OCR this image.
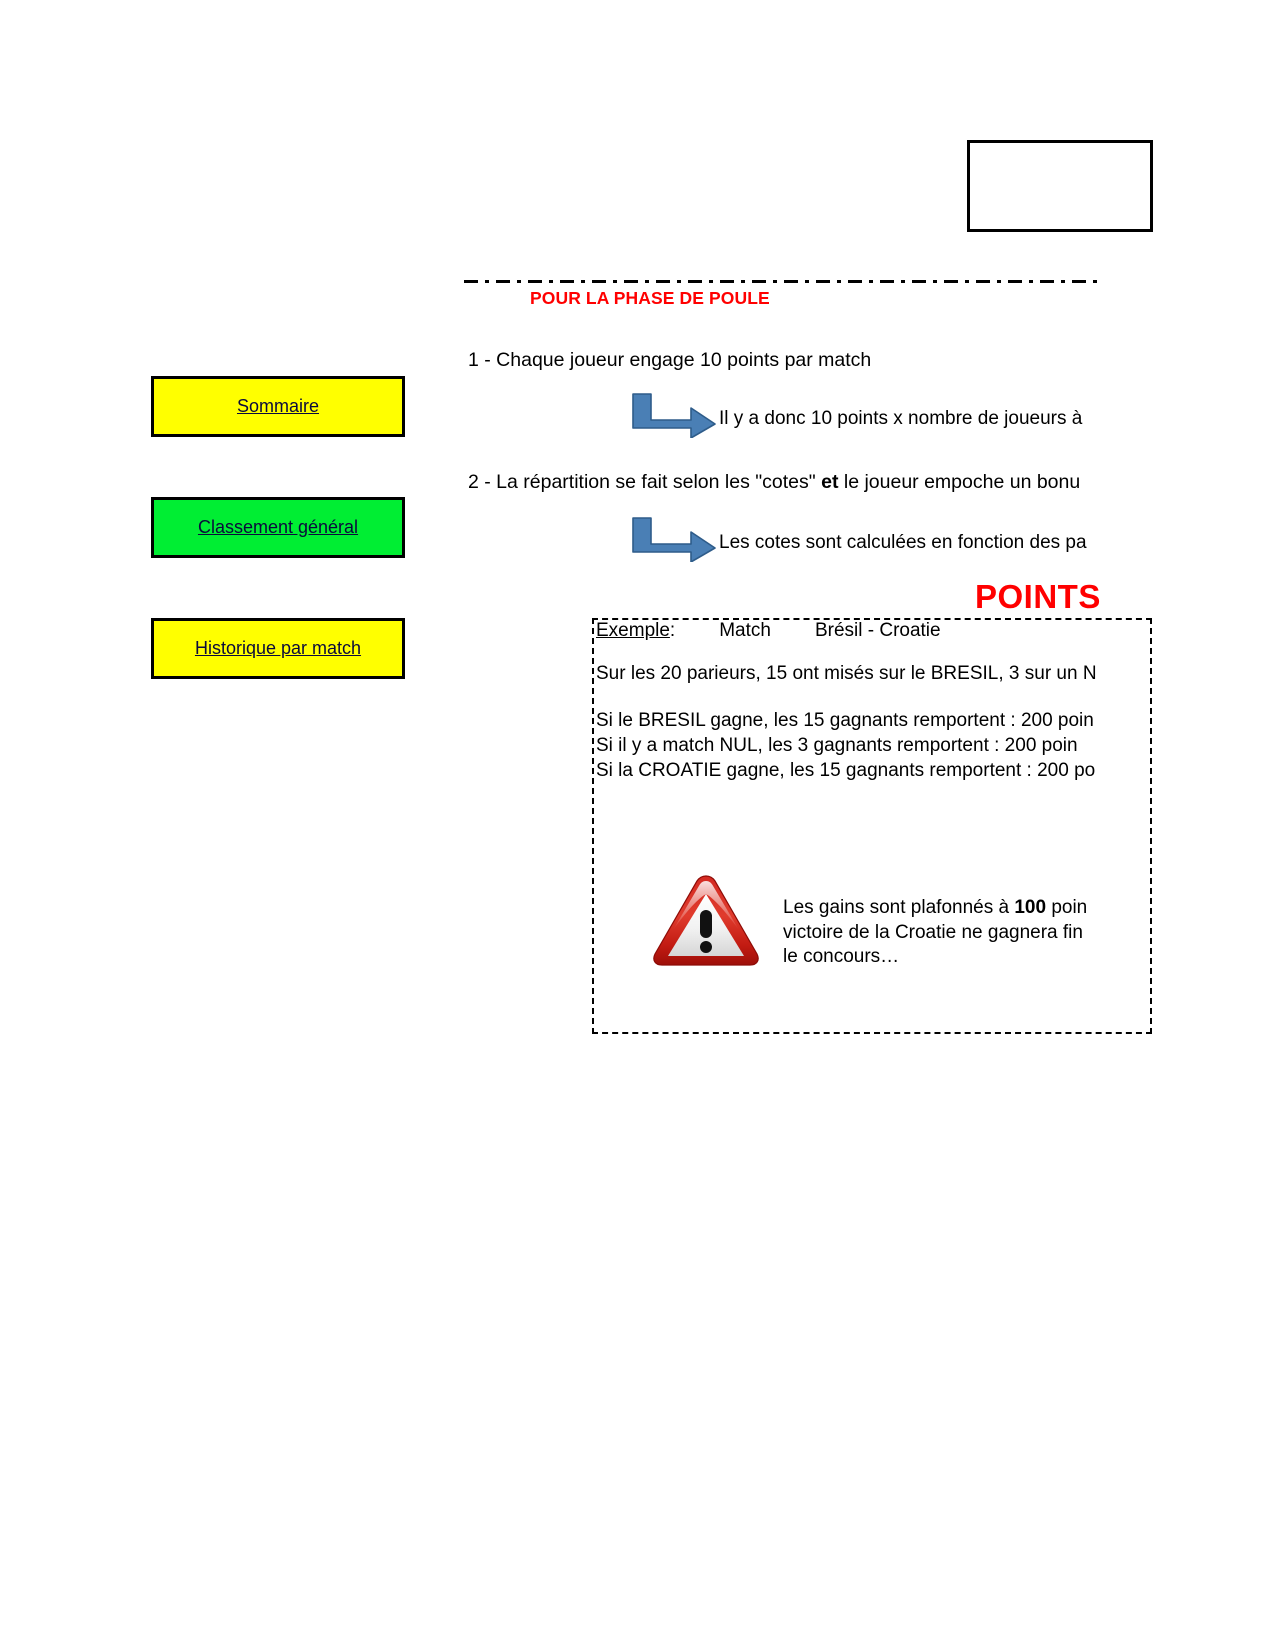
POUR LA PHASE DE POULE
1 - Chaque joueur engage 10 points par match
Il y a donc 10 points x nombre de joueurs à
2 - La répartition se fait selon les "cotes" et le joueur empoche un bonu
Les cotes sont calculées en fonction des pa
POINTS
Exemple: Match Brésil - Croatie
Sur les 20 parieurs, 15 ont misés sur le BRESIL, 3 sur un N
Si le BRESIL gagne, les 15 gagnants remportent : 200 poin
Si il y a match NUL, les 3 gagnants remportent : 200 poin
Si la CROATIE gagne, les 15 gagnants remportent : 200 po
Les gains sont plafonnés à 100 poin
victoire de la Croatie ne gagnera fin
le concours…
Sommaire
Classement général
Historique par match
